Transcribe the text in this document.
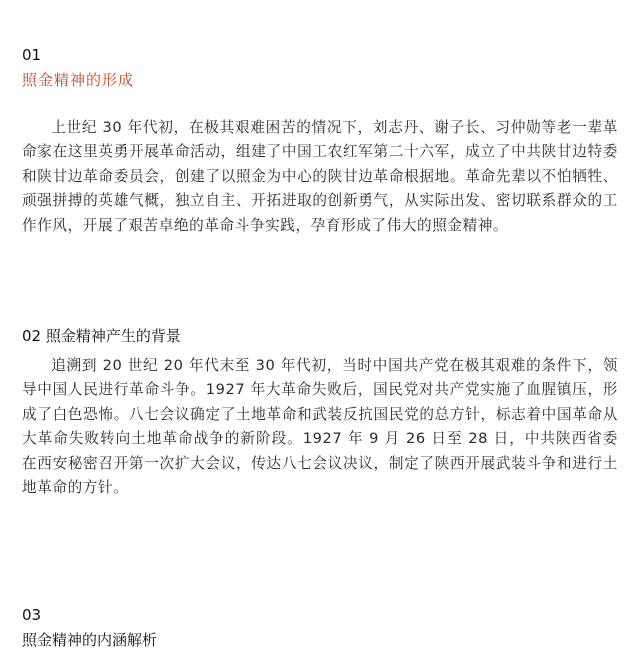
01
照金精神的形成

上世纪 30 年代初，在极其艰难困苦的情况下，刘志丹、谢子长、习仲勋等老一辈革命家在这里英勇开展革命活动，组建了中国工农红军第二十六军，成立了中共陕甘边特委和陕甘边革命委员会，创建了以照金为中心的陕甘边革命根据地。革命先辈以不怕牺牲、顽强拼搏的英雄气概，独立自主、开拓进取的创新勇气，从实际出发、密切联系群众的工作作风，开展了艰苦卓绝的革命斗争实践，孕育形成了伟大的照金精神。

02 照金精神产生的背景

追溯到 20 世纪 20 年代末至 30 年代初，当时中国共产党在极其艰难的条件下，领导中国人民进行革命斗争。1927 年大革命失败后，国民党对共产党实施了血腥镇压，形成了白色恐怖。八七会议确定了土地革命和武装反抗国民党的总方针，标志着中国革命从大革命失败转向土地革命战争的新阶段。1927 年 9 月 26 日至 28 日，中共陕西省委在西安秘密召开第一次扩大会议，传达八七会议决议，制定了陕西开展武装斗争和进行土地革命的方针。

03
照金精神的内涵解析
